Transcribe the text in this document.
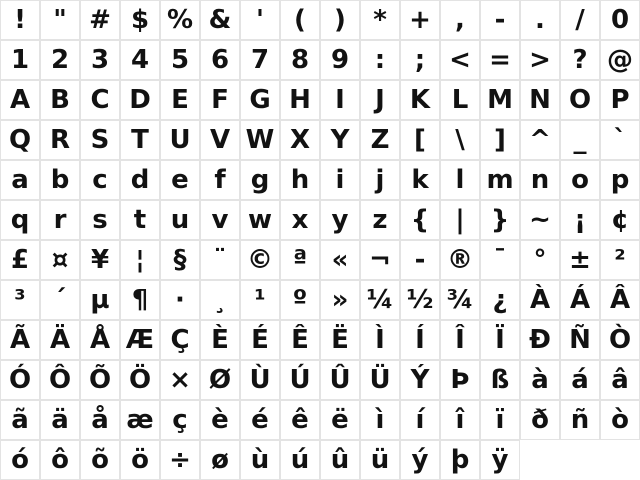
!	" # $ % & '	(	)	* + ,	-	.	/	0
1 2 3 4 5 6 7 8 9 :	; < = > ? @
A B C D E F G H I	J K L M N O P
Q R S T U V W X Y Z [	\	] ^ _	`
a b c d e f g h	i	j	k	l m n o p
q r s	t u v w x y z {	| } ~ ¡ ¢
£ ¤ ¥	¦	§	¨ © ª « ¬ - ® ¯	° ± ²
³	´ µ ¶	·	¸	¹	º » ¼ ½ ¾ ¿ À Á Â
Ã Ä Å Æ Ç È É Ê Ë	Ì	Í	Î	Ï Ð Ñ Ò
Ó Ô Õ Ö × Ø Ù Ú Û Ü Ý Þ ß à á â
ã ä å æ ç è é ê ë	ì	í	î	ï	ð ñ ò
ó ô õ ö ÷ ø ù ú û ü ý þ ÿ
